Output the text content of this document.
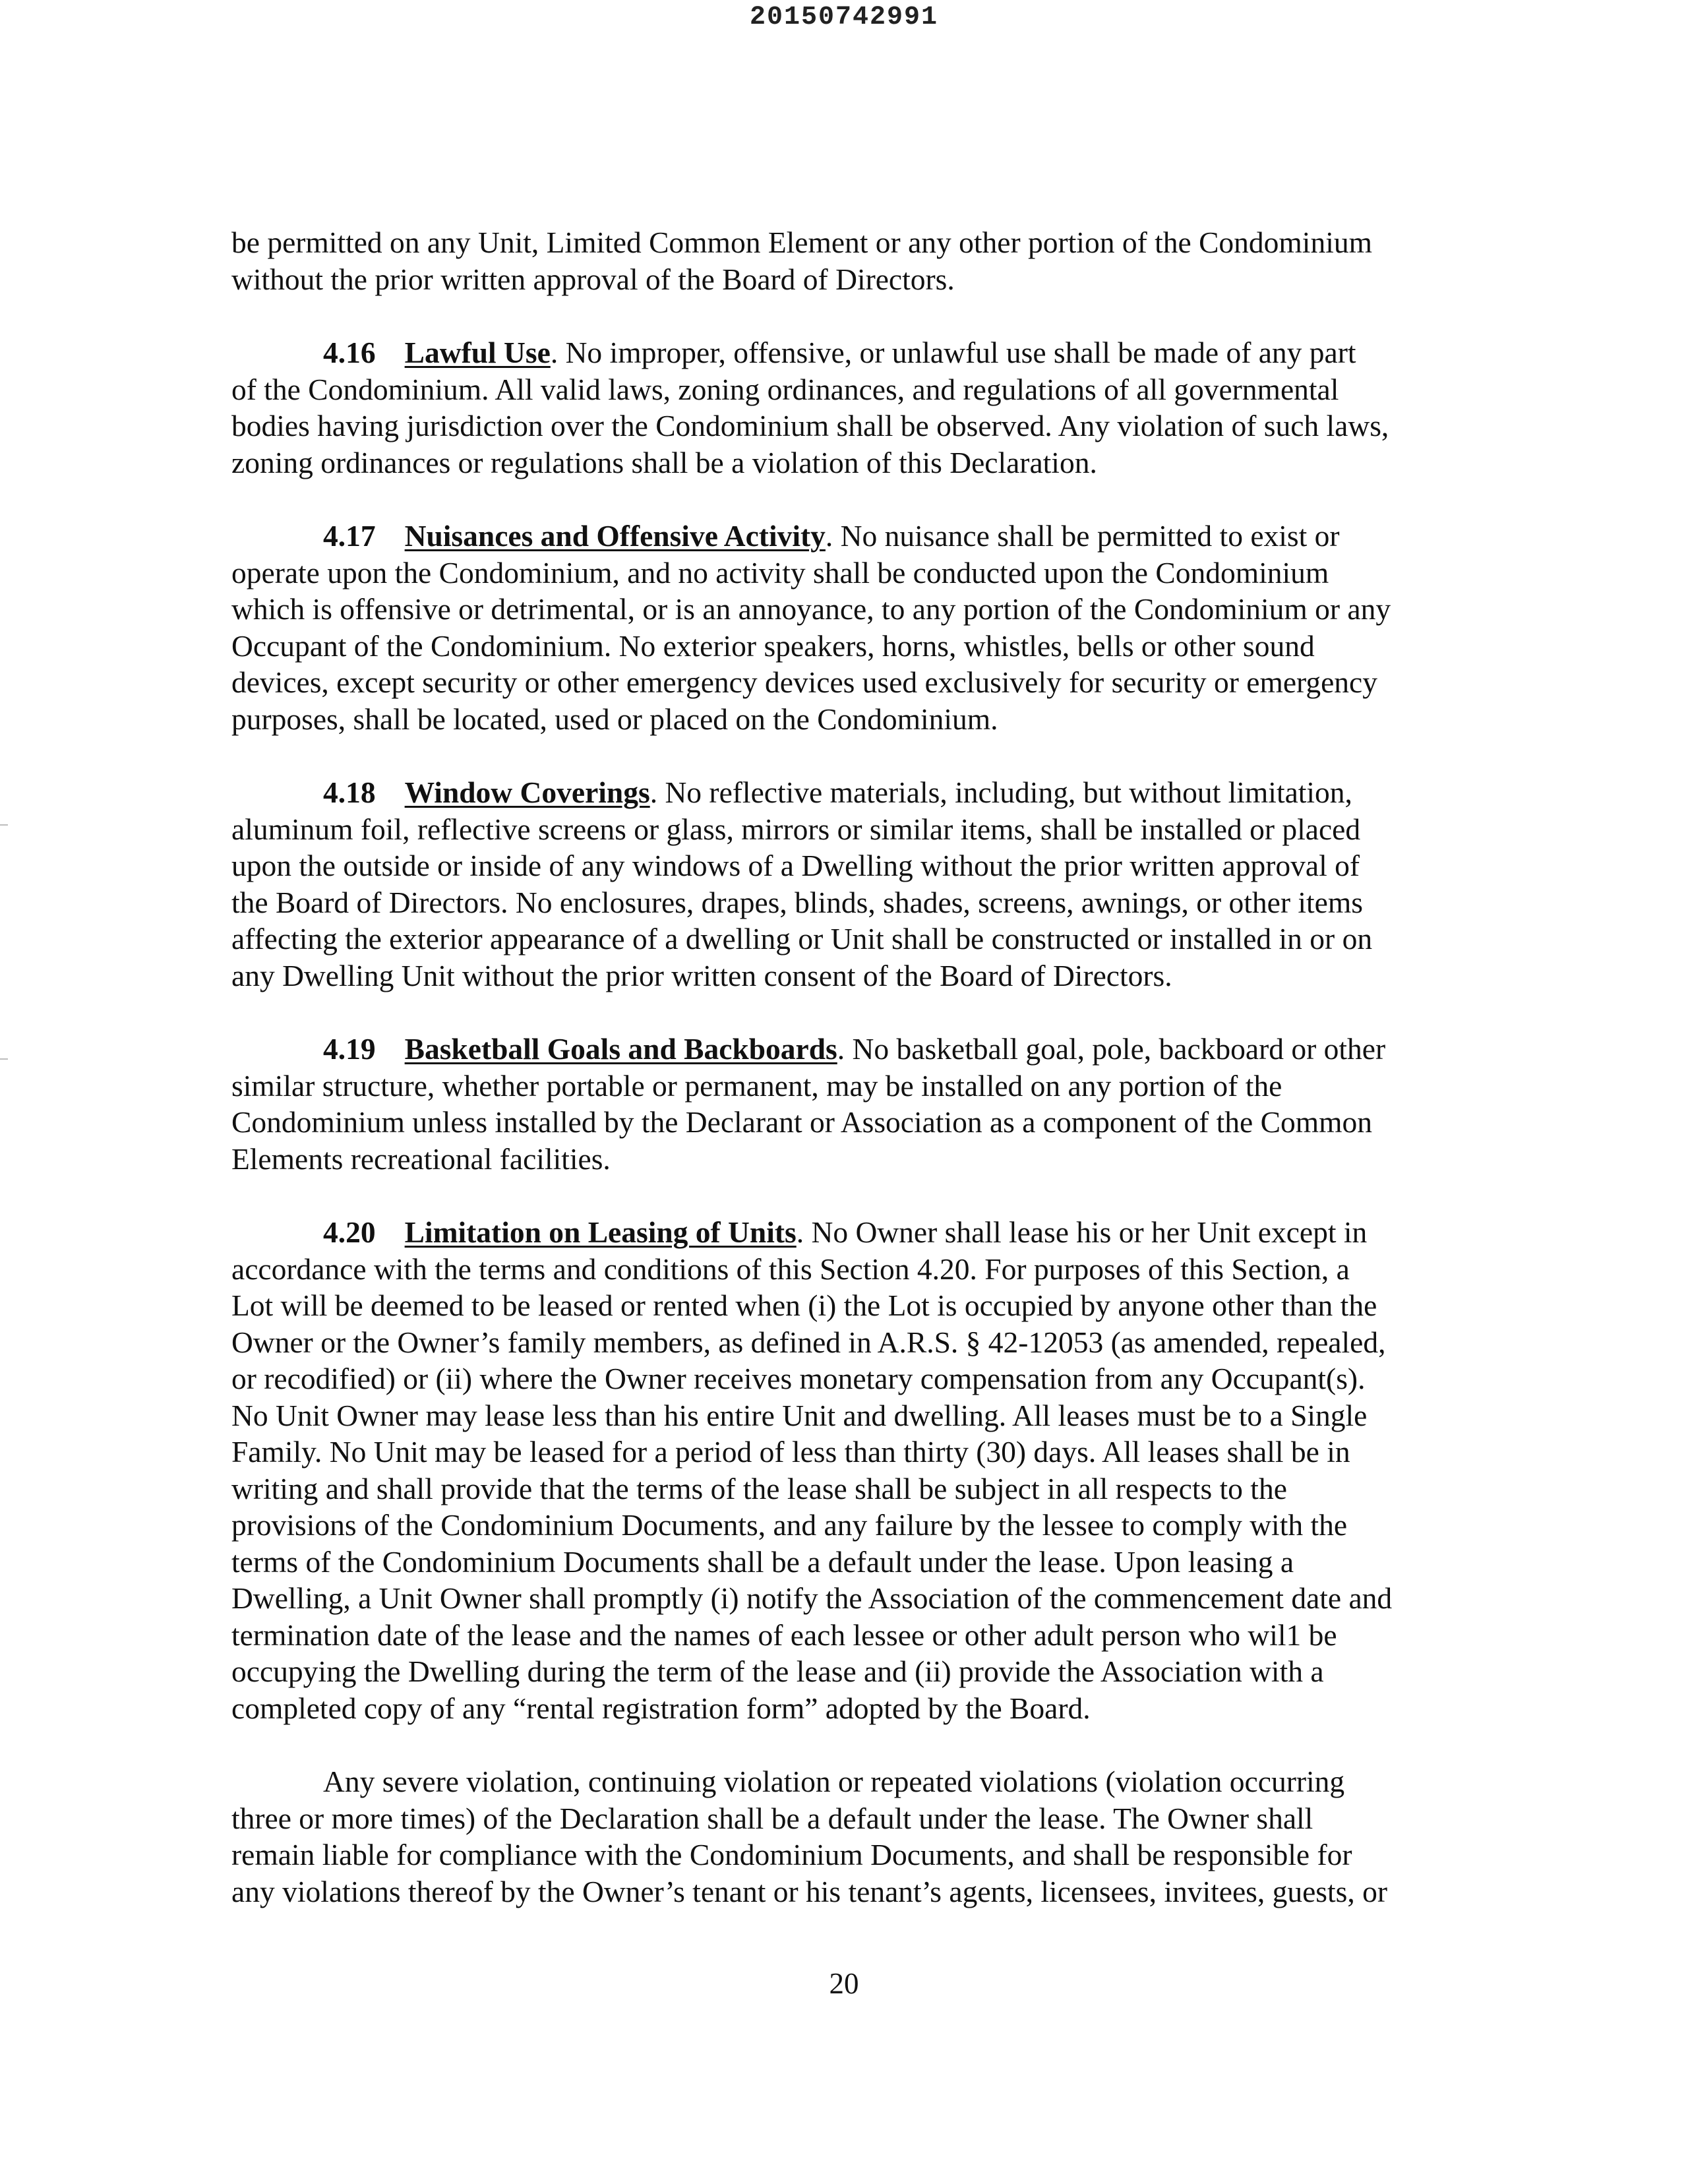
20150742991

be permitted on any Unit, Limited Common Element or any other portion of the Condominium
without the prior written approval of the Board of Directors.

4.16 Lawful Use. No improper, offensive, or unlawful use shall be made of any part
of the Condominium. All valid laws, zoning ordinances, and regulations of all governmental
bodies having jurisdiction over the Condominium shall be observed. Any violation of such laws,
zoning ordinances or regulations shall be a violation of this Declaration.

4.17 Nuisances and Offensive Activity. No nuisance shall be permitted to exist or
operate upon the Condominium, and no activity shall be conducted upon the Condominium
which is offensive or detrimental, or is an annoyance, to any portion of the Condominium or any
Occupant of the Condominium. No exterior speakers, horns, whistles, bells or other sound
devices, except security or other emergency devices used exclusively for security or emergency
purposes, shall be located, used or placed on the Condominium.

4.18 Window Coverings. No reflective materials, including, but without limitation,
aluminum foil, reflective screens or glass, mirrors or similar items, shall be installed or placed
upon the outside or inside of any windows of a Dwelling without the prior written approval of
the Board of Directors. No enclosures, drapes, blinds, shades, screens, awnings, or other items
affecting the exterior appearance of a dwelling or Unit shall be constructed or installed in or on
any Dwelling Unit without the prior written consent of the Board of Directors.

4.19 Basketball Goals and Backboards. No basketball goal, pole, backboard or other
similar structure, whether portable or permanent, may be installed on any portion of the
Condominium unless installed by the Declarant or Association as a component of the Common
Elements recreational facilities.

4.20 Limitation on Leasing of Units. No Owner shall lease his or her Unit except in
accordance with the terms and conditions of this Section 4.20. For purposes of this Section, a
Lot will be deemed to be leased or rented when (i) the Lot is occupied by anyone other than the
Owner or the Owner’s family members, as defined in A.R.S. § 42-12053 (as amended, repealed,
or recodified) or (ii) where the Owner receives monetary compensation from any Occupant(s).
No Unit Owner may lease less than his entire Unit and dwelling. All leases must be to a Single
Family. No Unit may be leased for a period of less than thirty (30) days. All leases shall be in
writing and shall provide that the terms of the lease shall be subject in all respects to the
provisions of the Condominium Documents, and any failure by the lessee to comply with the
terms of the Condominium Documents shall be a default under the lease. Upon leasing a
Dwelling, a Unit Owner shall promptly (i) notify the Association of the commencement date and
termination date of the lease and the names of each lessee or other adult person who wil1 be
occupying the Dwelling during the term of the lease and (ii) provide the Association with a
completed copy of any “rental registration form” adopted by the Board.

Any severe violation, continuing violation or repeated violations (violation occurring
three or more times) of the Declaration shall be a default under the lease. The Owner shall
remain liable for compliance with the Condominium Documents, and shall be responsible for
any violations thereof by the Owner’s tenant or his tenant’s agents, licensees, invitees, guests, or

20
